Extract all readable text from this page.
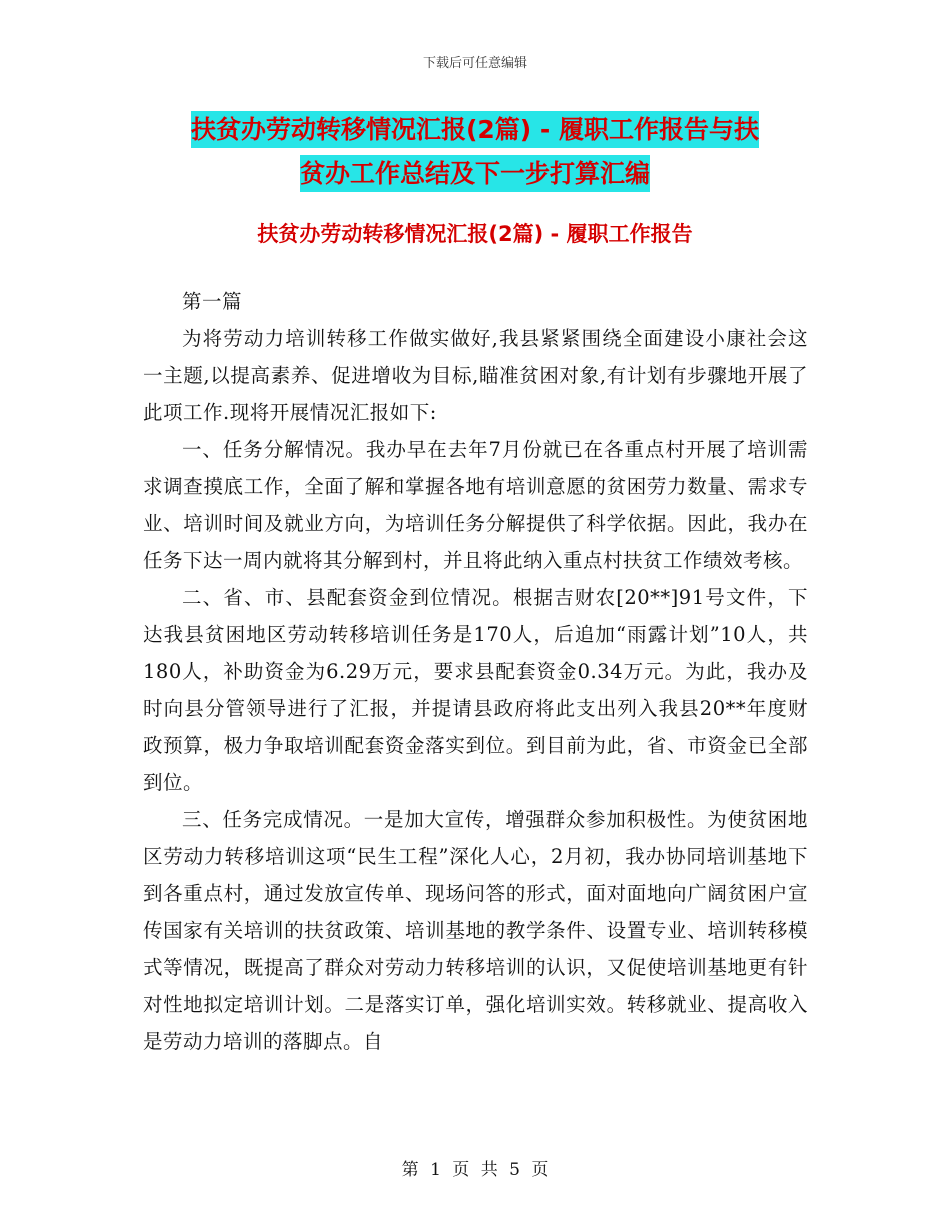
下载后可任意编辑
扶贫办劳动转移情况汇报(2篇) - 履职工作报告与扶
贫办工作总结及下一步打算汇编
扶贫办劳动转移情况汇报(2篇) - 履职工作报告

第一篇

为将劳动力培训转移工作做实做好,我县紧紧围绕全面建设小康社会这一主题,以提高素养、促进增收为目标,瞄准贫困对象,有计划有步骤地开展了此项工作.现将开展情况汇报如下:

一、任务分解情况。我办早在去年7月份就已在各重点村开展了培训需求调查摸底工作，全面了解和掌握各地有培训意愿的贫困劳力数量、需求专业、培训时间及就业方向，为培训任务分解提供了科学依据。因此，我办在任务下达一周内就将其分解到村，并且将此纳入重点村扶贫工作绩效考核。

二、省、市、县配套资金到位情况。根据吉财农[20**]91号文件，下达我县贫困地区劳动转移培训任务是170人，后追加“雨露计划”10人，共180人，补助资金为6.29万元，要求县配套资金0.34万元。为此，我办及时向县分管领导进行了汇报，并提请县政府将此支出列入我县20**年度财政预算，极力争取培训配套资金落实到位。到目前为此，省、市资金已全部到位。

三、任务完成情况。一是加大宣传，增强群众参加积极性。为使贫困地区劳动力转移培训这项“民生工程”深化人心，2月初，我办协同培训基地下到各重点村，通过发放宣传单、现场问答的形式，面对面地向广阔贫困户宣传国家有关培训的扶贫政策、培训基地的教学条件、设置专业、培训转移模式等情况，既提高了群众对劳动力转移培训的认识，又促使培训基地更有针对性地拟定培训计划。二是落实订单，强化培训实效。转移就业、提高收入是劳动力培训的落脚点。自

第 1 页 共 5 页
